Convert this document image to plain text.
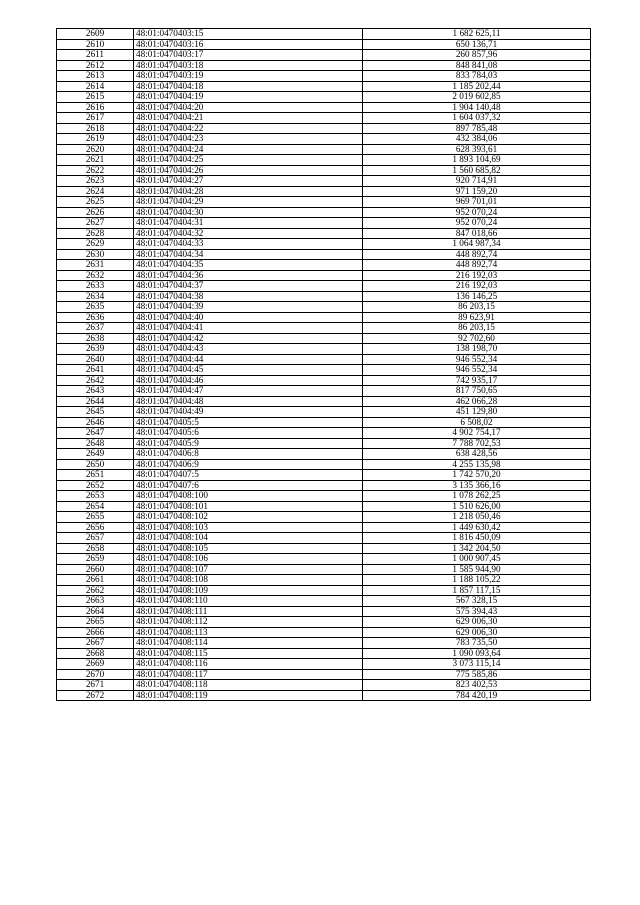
2609	48:01:0470403:15	1 682 625,11
2610	48:01:0470403:16	650 136,71
2611	48:01:0470403:17	260 857,96
2612	48:01:0470403:18	848 841,08
2613	48:01:0470403:19	833 784,03
2614	48:01:0470404:18	1 185 202,44
2615	48:01:0470404:19	2 019 602,85
2616	48:01:0470404:20	1 904 140,48
2617	48:01:0470404:21	1 604 037,32
2618	48:01:0470404:22	897 785,48
2619	48:01:0470404:23	432 384,06
2620	48:01:0470404:24	628 393,61
2621	48:01:0470404:25	1 893 104,69
2622	48:01:0470404:26	1 560 685,82
2623	48:01:0470404:27	920 714,91
2624	48:01:0470404:28	971 159,20
2625	48:01:0470404:29	969 701,01
2626	48:01:0470404:30	952 070,24
2627	48:01:0470404:31	952 070,24
2628	48:01:0470404:32	847 018,66
2629	48:01:0470404:33	1 064 987,34
2630	48:01:0470404:34	448 892,74
2631	48:01:0470404:35	448 892,74
2632	48:01:0470404:36	216 192,03
2633	48:01:0470404:37	216 192,03
2634	48:01:0470404:38	136 146,25
2635	48:01:0470404:39	86 203,15
2636	48:01:0470404:40	89 623,91
2637	48:01:0470404:41	86 203,15
2638	48:01:0470404:42	92 702,60
2639	48:01:0470404:43	138 198,70
2640	48:01:0470404:44	946 552,34
2641	48:01:0470404:45	946 552,34
2642	48:01:0470404:46	742 935,17
2643	48:01:0470404:47	817 750,65
2644	48:01:0470404:48	462 066,28
2645	48:01:0470404:49	451 129,80
2646	48:01:0470405:5	6 508,02
2647	48:01:0470405:6	4 902 754,17
2648	48:01:0470405:9	7 788 702,53
2649	48:01:0470406:8	638 428,56
2650	48:01:0470406:9	4 255 135,98
2651	48:01:0470407:5	1 742 570,20
2652	48:01:0470407:6	3 135 366,16
2653	48:01:0470408:100	1 078 262,25
2654	48:01:0470408:101	1 510 626,00
2655	48:01:0470408:102	1 218 050,46
2656	48:01:0470408:103	1 449 630,42
2657	48:01:0470408:104	1 816 450,09
2658	48:01:0470408:105	1 342 204,50
2659	48:01:0470408:106	1 000 907,45
2660	48:01:0470408:107	1 585 944,90
2661	48:01:0470408:108	1 188 105,22
2662	48:01:0470408:109	1 857 117,15
2663	48:01:0470408:110	567 328,15
2664	48:01:0470408:111	575 394,43
2665	48:01:0470408:112	629 006,30
2666	48:01:0470408:113	629 006,30
2667	48:01:0470408:114	783 735,50
2668	48:01:0470408:115	1 090 093,64
2669	48:01:0470408:116	3 073 115,14
2670	48:01:0470408:117	775 585,86
2671	48:01:0470408:118	823 402,53
2672	48:01:0470408:119	784 420,19
